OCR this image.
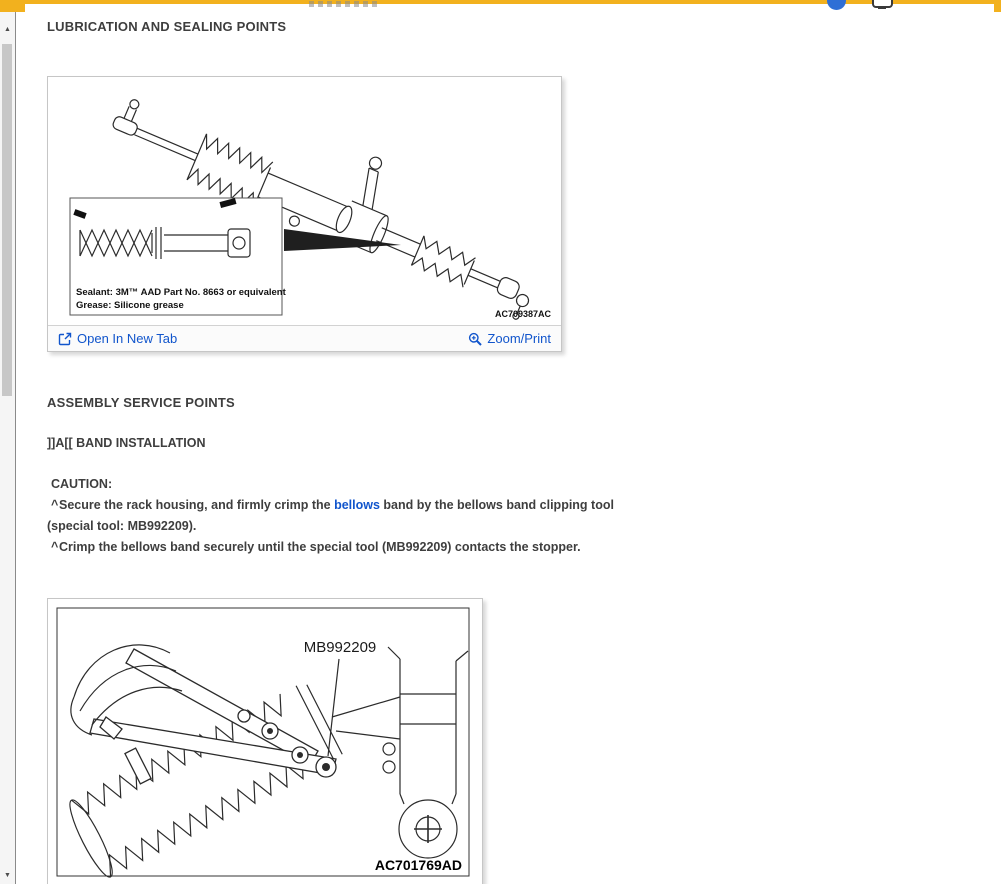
▲
▼
LUBRICATION AND SEALING POINTS
Sealant: 3M™ AAD Part No. 8663 or equivalent
Grease: Silicone grease
AC709387AC
Open In New Tab	Zoom/Print
ASSEMBLY SERVICE POINTS
]]A[[ BAND INSTALLATION

CAUTION:

^Secure the rack housing, and firmly crimp the bellows band by the bellows band clipping tool (special tool: MB992209).

^Crimp the bellows band securely until the special tool (MB992209) contacts the stopper.

MB992209
AC701769AD
